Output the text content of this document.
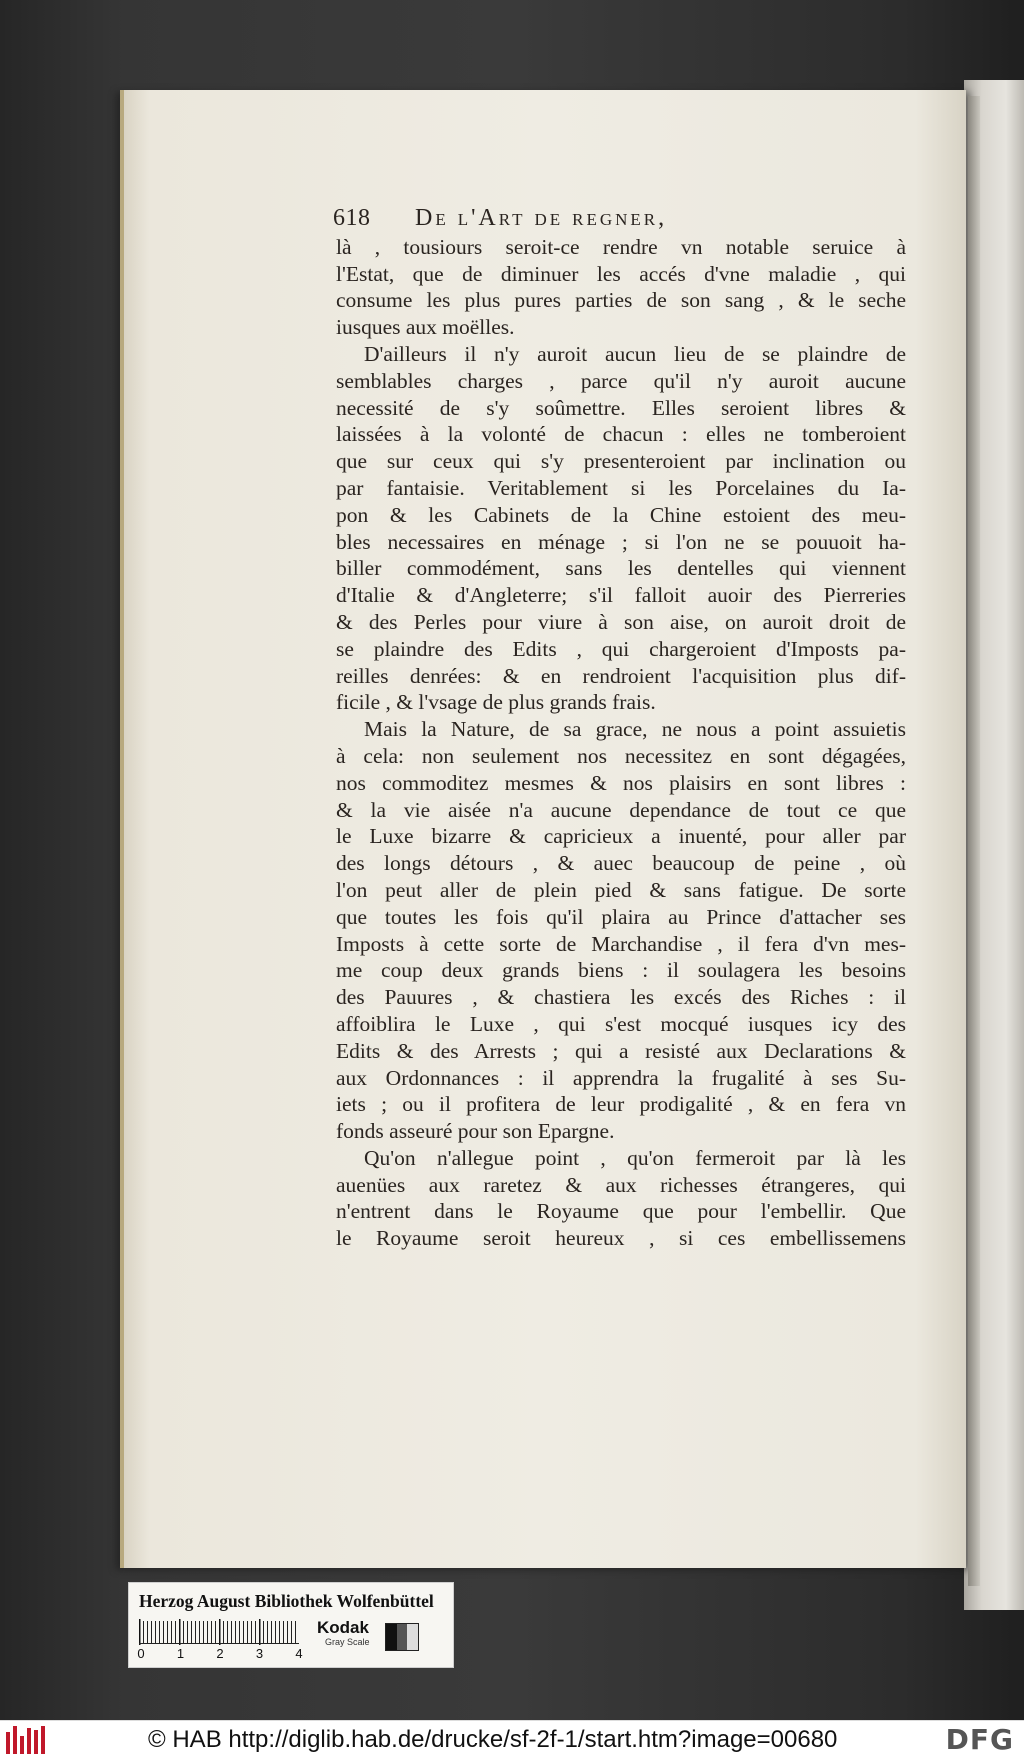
618	De l'Art de regner,
là , tousiours seroit-ce rendre vn notable seruice à
l'Estat, que de diminuer les accés d'vne maladie , qui
consume les plus pures parties de son sang , & le seche
iusques aux moëlles.
D'ailleurs il n'y auroit aucun lieu de se plaindre de
semblables charges , parce qu'il n'y auroit aucune
necessité de s'y soûmettre. Elles seroient libres &
laissées à la volonté de chacun : elles ne tomberoient
que sur ceux qui s'y presenteroient par inclination ou
par fantaisie. Veritablement si les Porcelaines du Ia-
pon & les Cabinets de la Chine estoient des meu-
bles necessaires en ménage ; si l'on ne se pouuoit ha-
biller commodément, sans les dentelles qui viennent
d'Italie & d'Angleterre; s'il falloit auoir des Pierreries
& des Perles pour viure à son aise, on auroit droit de
se plaindre des Edits , qui chargeroient d'Imposts pa-
reilles denrées: & en rendroient l'acquisition plus dif-
ficile , & l'vsage de plus grands frais.
Mais la Nature, de sa grace, ne nous a point assuietis
à cela: non seulement nos necessitez en sont dégagées,
nos commoditez mesmes & nos plaisirs en sont libres :
& la vie aisée n'a aucune dependance de tout ce que
le Luxe bizarre & capricieux a inuenté, pour aller par
des longs détours , & auec beaucoup de peine , où
l'on peut aller de plein pied & sans fatigue. De sorte
que toutes les fois qu'il plaira au Prince d'attacher ses
Imposts à cette sorte de Marchandise , il fera d'vn mes-
me coup deux grands biens : il soulagera les besoins
des Pauures , & chastiera les excés des Riches : il
affoiblira le Luxe , qui s'est mocqué iusques icy des
Edits & des Arrests ; qui a resisté aux Declarations &
aux Ordonnances : il apprendra la frugalité à ses Su-
iets ; ou il profitera de leur prodigalité , & en fera vn
fonds asseuré pour son Epargne.
Qu'on n'allegue point , qu'on fermeroit par là les
auenües aux raretez & aux richesses étrangeres, qui
n'entrent dans le Royaume que pour l'embellir. Que
le Royaume seroit heureux , si ces embellissemens
Herzog August Bibliothek Wolfenbüttel
0 1 2 3 4
Kodak
Gray Scale
© HAB http://diglib.hab.de/drucke/sf-2f-1/start.htm?image=00680	DFG
